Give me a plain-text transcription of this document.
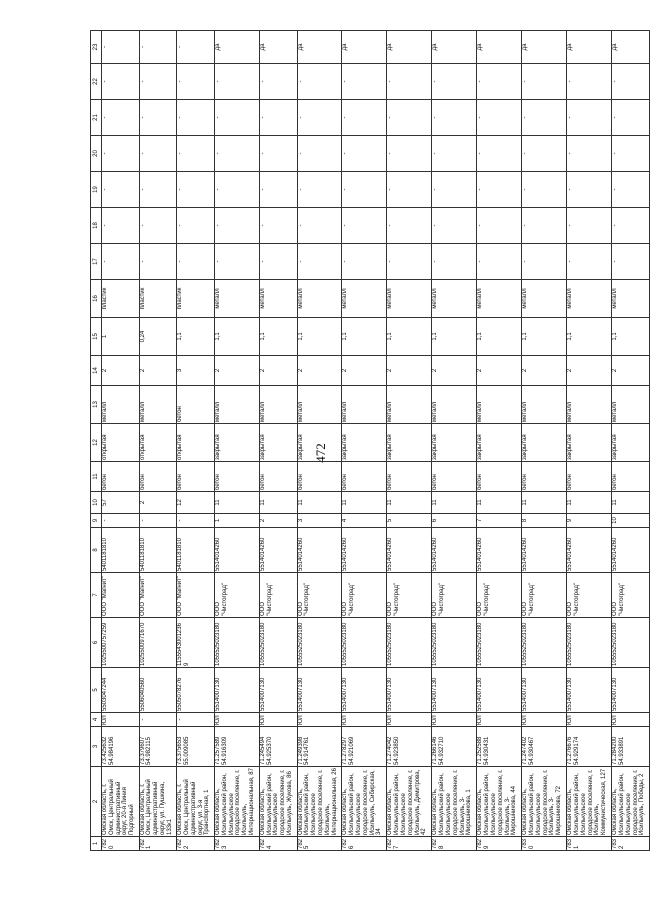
472
1	2	3	4	5	6	7	8	9	10	11	12	13	14	15	16	17	18	19	20	21	22	23
7820	Омская область, г. Омск, Центральный административный округ, 20-я Линия Подгорный	73.425632 54.984196	ЮЛ	5503047244	1025500757259	ООО "Магнит"	5401181810	-	57	бетон	открытая	металл	2	1	пластик	-	-	-	-	-	-	-
7821	Омская область, г. Омск, Центральный административный округ, ул. Пушкина, 133к1	73.379607 54.982115	-	5506040560	1025500971670	ООО "Магнит"	5401181810	-	2	бетон	открытая	металл	2	0,24	пластик	-	-	-	-	-	-	-
7822	Омская область, г. Омск, Центральный административный округ, ул. 3-я Транспортная, 1	73.375653 55.009085	-	5505078276	1155543001236 9	ООО "Магнит"	5401181810	-	12	бетон	открытая	бетон	3	1,1	пластик	-	-	-	-	-	-	-
7823	Омская область, Исилькульский район, Исилькульское городское поселение, г. Исилькуль, Интернациональная, 87	71.257589 54.916309	ЮЛ	5514007130	1055525023180	ООО "Чистоград"	5514014260	1	11	бетон	закрытая	металл	2	1,1	металл	-	-	-	-	-	-	да
7824	Омская область, Исилькульский район, Исилькульское городское поселение, г. Исилькуль, Жукова, 86	71.245494 54.925370	ЮЛ	5514007130	1055525023180	ООО "Чистоград"	5514014260	2	11	бетон	закрытая	металл	2	1,1	металл	-	-	-	-	-	-	да
7825	Омская область, Исилькульский район, Исилькульское городское поселение, г. Исилькуль, Интернациональная, 26	71.249398 54.914761	ЮЛ	5514007130	1055525023180	ООО "Чистоград"	5514014260	3	11	бетон	закрытая	металл	2	1,1	металл	-	-	-	-	-	-	да
7826	Омская область, Исилькульский район, Исилькульское городское поселение, г. Исилькуль, Сибирская, 34	71.278297 54.921069	ЮЛ	5514007130	1055525023180	ООО "Чистоград"	5514014260	4	11	бетон	закрытая	металл	2	1,1	металл	-	-	-	-	-	-	да
7827	Омская область, Исилькульский район, Исилькульское городское поселение, г. Исилькуль, Димитрова, 42	71.274042 54.923850	ЮЛ	5514007130	1055525023180	ООО "Чистоград"	5514014260	5	11	бетон	закрытая	металл	2	1,1	металл	-	-	-	-	-	-	да
7828	Омская область, Исилькульский район, Исилькульское городское поселение, г. Исилькуль, 3-Мирошникова, 1	71.266146 54.932710	ЮЛ	5514007130	1055525023180	ООО "Чистоград"	5514014260	6	11	бетон	закрытая	металл	2	1,1	металл	-	-	-	-	-	-	да
7829	Омская область, Исилькульский район, Исилькульское городское поселение, г. Исилькуль, 3-Мирошникова, 44	71.252588 54.930431	ЮЛ	5514007130	1055525023180	ООО "Чистоград"	5514014260	7	11	бетон	закрытая	металл	2	1,1	металл	-	-	-	-	-	-	да
7830	Омская область, Исилькульский район, Исилькульское городское поселение, г. Исилькуль, 3-Мирошникова, 72	71.247402 54.930467	ЮЛ	5514007130	1055525023180	ООО "Чистоград"	5514014260	8	11	бетон	закрытая	металл	2	1,1	металл	-	-	-	-	-	-	да
7831	Омская область, Исилькульский район, Исилькульское городское поселение, г. Исилькуль, Коммунистическая, 127	71.276676 54.929174	ЮЛ	5514007130	1055525023180	ООО "Чистоград"	5514014260	9	11	бетон	закрытая	металл	2	1,1	металл	-	-	-	-	-	-	да
7832	Омская область, Исилькульский район, Исилькульское городское поселение, г. Исилькуль, Победы, 2	71.284200 54.933891	ЮЛ	5514007130	1055525023180	ООО "Чистоград"	5514014260	10	11	бетон	закрытая	металл	2	1,1	металл	-	-	-	-	-	-	да
